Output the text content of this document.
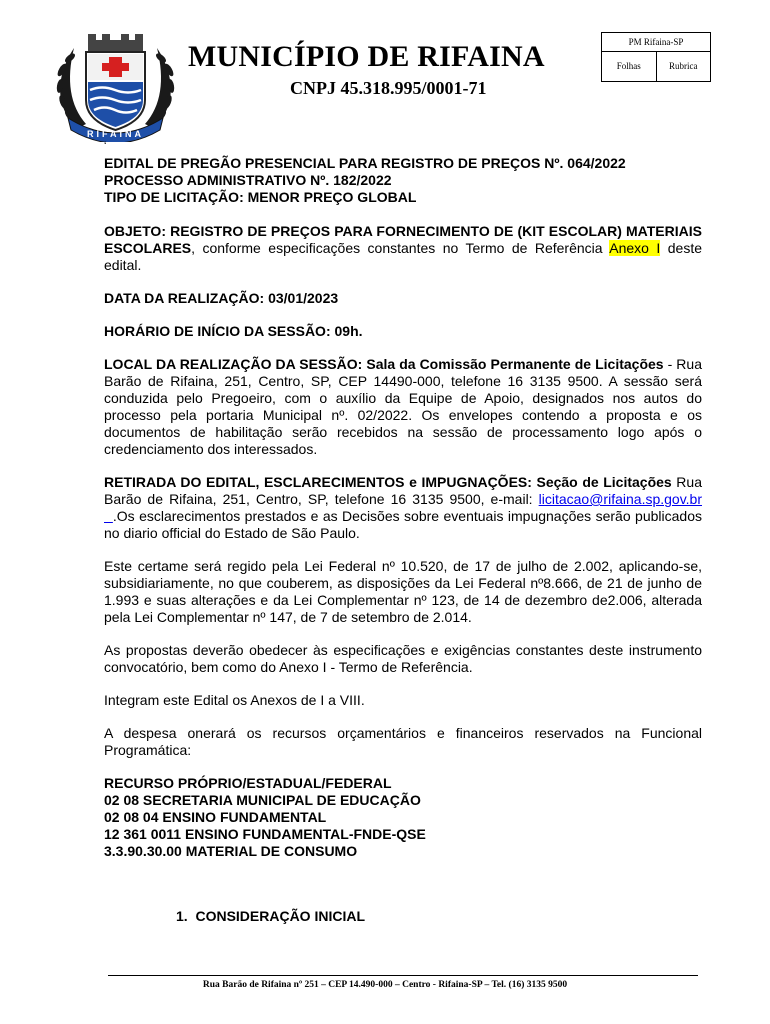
RIFAINA
MUNICÍPIO DE RIFAINA
CNPJ 45.318.995/0001-71
PM Rifaina-SP
Folhas	Rubrica
‘

EDITAL DE PREGÃO PRESENCIAL PARA REGISTRO DE PREÇOS Nº. 064/2022

PROCESSO ADMINISTRATIVO Nº. 182/2022

TIPO DE LICITAÇÃO: MENOR PREÇO GLOBAL

OBJETO: REGISTRO DE PREÇOS PARA FORNECIMENTO DE (KIT ESCOLAR) MATERIAIS ESCOLARES, conforme especificações constantes no Termo de Referência Anexo I deste edital.

DATA DA REALIZAÇÃO: 03/01/2023

HORÁRIO DE INÍCIO DA SESSÃO: 09h.

LOCAL DA REALIZAÇÃO DA SESSÃO: Sala da Comissão Permanente de Licitações - Rua Barão de Rifaina, 251, Centro, SP, CEP 14490-000, telefone 16 3135 9500. A sessão será conduzida pelo Pregoeiro, com o auxílio da Equipe de Apoio, designados nos autos do processo pela portaria Municipal nº. 02/2022. Os envelopes contendo a proposta e os documentos de habilitação serão recebidos na sessão de processamento logo após o credenciamento dos interessados.

RETIRADA DO EDITAL, ESCLARECIMENTOS e IMPUGNAÇÕES: Seção de Licitações Rua Barão de Rifaina, 251, Centro, SP, telefone 16 3135 9500, e-mail: licitacao@rifaina.sp.gov.br  .Os esclarecimentos prestados e as Decisões sobre eventuais impugnações serão publicados no diario official do Estado de São Paulo.

Este certame será regido pela Lei Federal nº 10.520, de 17 de julho de 2.002, aplicando-se, subsidiariamente, no que couberem, as disposições da Lei Federal nº8.666, de 21 de junho de 1.993 e suas alterações e da Lei Complementar nº 123, de 14 de dezembro de2.006, alterada pela Lei Complementar nº 147, de 7 de setembro de 2.014.

As propostas deverão obedecer às especificações e exigências constantes deste instrumento convocatório, bem como do Anexo I - Termo de Referência.

Integram este Edital os Anexos de I a VIII.

A despesa onerará os recursos orçamentários e financeiros reservados na Funcional Programática:

RECURSO PRÓPRIO/ESTADUAL/FEDERAL

02 08 SECRETARIA MUNICIPAL DE EDUCAÇÃO

02 08 04 ENSINO FUNDAMENTAL

12 361 0011 ENSINO FUNDAMENTAL-FNDE-QSE

3.3.90.30.00 MATERIAL DE CONSUMO

1.  CONSIDERAÇÃO INICIAL
Rua Barão de Rifaina nº 251 – CEP 14.490-000 – Centro - Rifaina-SP – Tel. (16) 3135 9500
